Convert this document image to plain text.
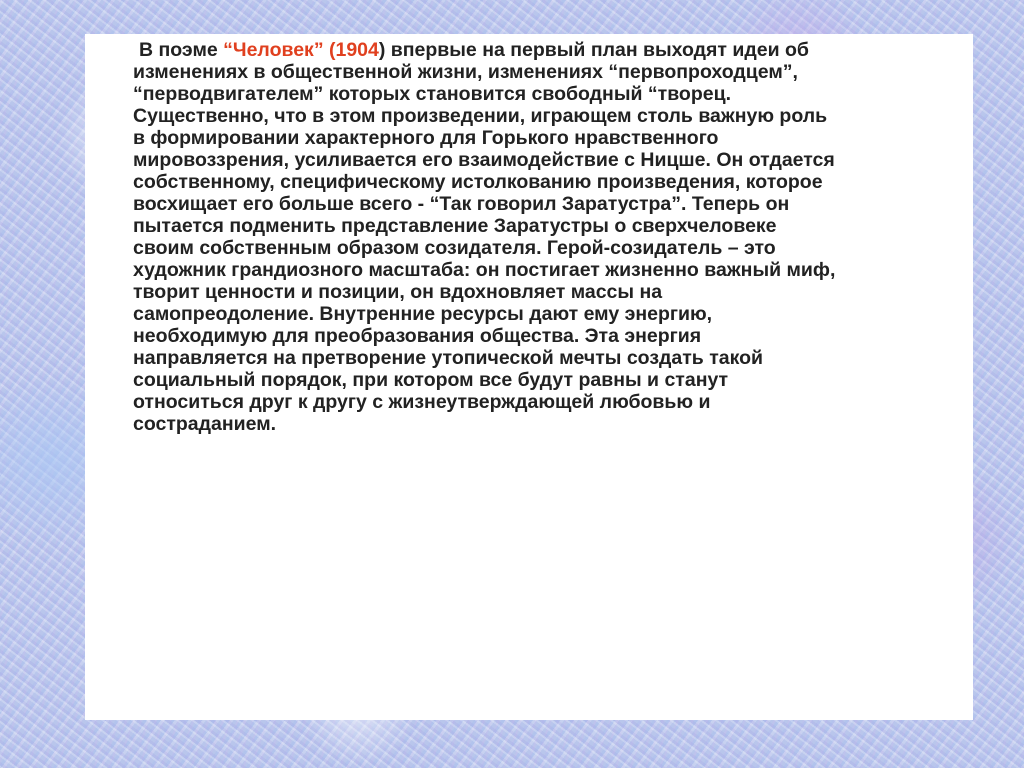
В поэме “Человек” (1904) впервые на первый план выходят идеи об
изменениях в общественной жизни, изменениях “первопроходцем”,
“перводвигателем” которых становится свободный “творец.
Существенно, что в этом произведении, играющем столь важную роль
в формировании характерного для Горького нравственного
мировоззрения, усиливается его взаимодействие с Ницше. Он отдается
собственному, специфическому истолкованию произведения, которое
восхищает его больше всего - “Так говорил Заратустра”. Теперь он
пытается подменить представление Заратустры о сверхчеловеке
своим собственным образом созидателя. Герой-созидатель – это
художник грандиозного масштаба: он постигает жизненно важный миф,
творит ценности и позиции, он вдохновляет массы на
самопреодоление. Внутренние ресурсы дают ему энергию,
необходимую для преобразования общества. Эта энергия
направляется на претворение утопической мечты создать такой
социальный порядок, при котором все будут равны и станут
относиться друг к другу с жизнеутверждающей любовью и
состраданием.
